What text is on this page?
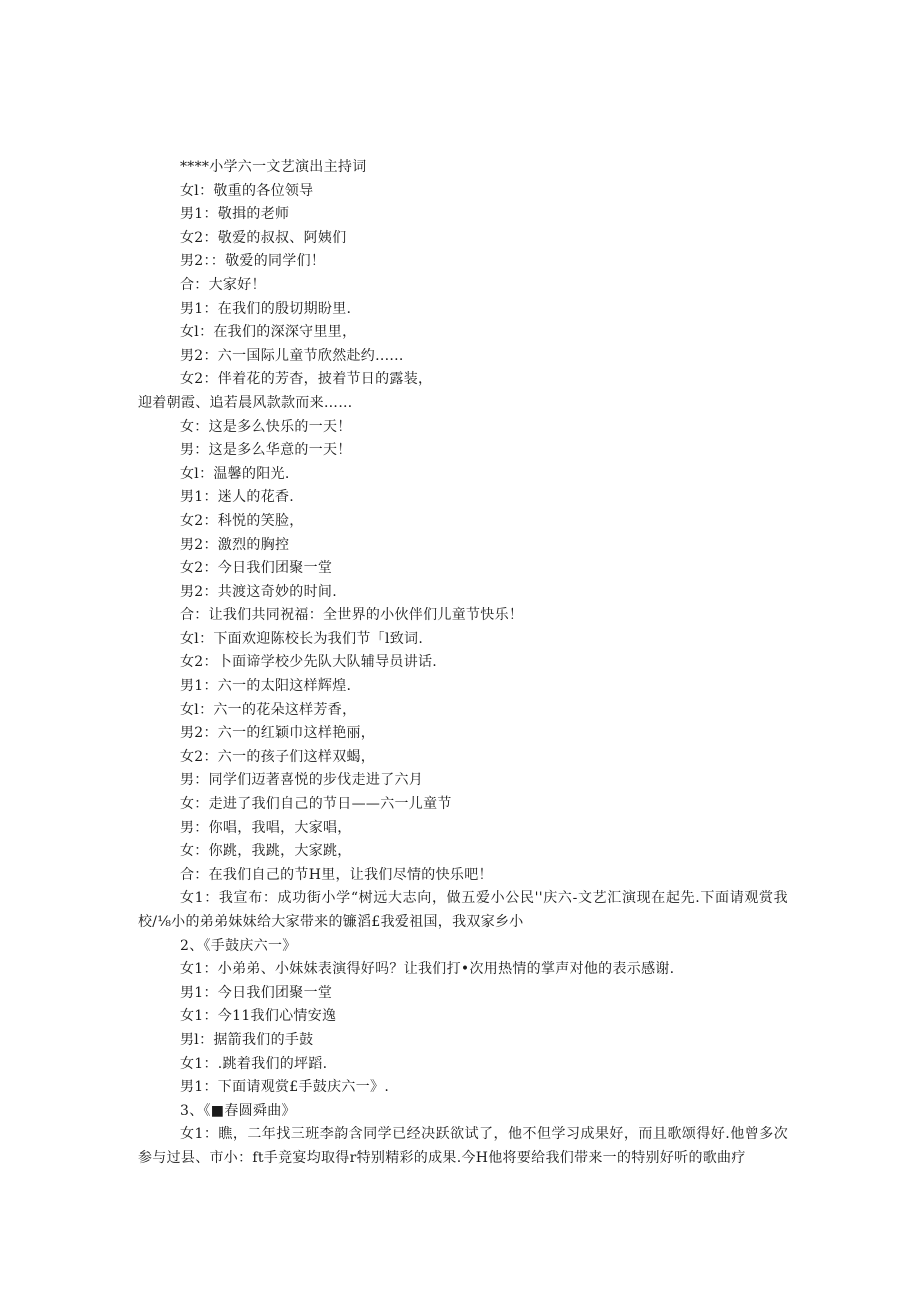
****小学六一文艺演出主持词
女l：敬重的各位领导
男1：敬揖的老师
女2：敬爱的叔叔、阿姨们
男2：：敬爱的同学们！
合：大家好！
男1：在我们的殷切期盼里.
女l：在我们的深深守里里，
男2：六一国际儿童节欣然赴约......
女2：伴着花的芳杳，披着节日的露装，
迎着朝霞、追若晨风款款而来……
女：这是多么快乐的一天！
男：这是多么华意的一天！
女l：温馨的阳光.
男1：迷人的花香.
女2：科悦的笑脸，
男2：激烈的胸控
女2：今日我们团聚一堂
男2：共渡这奇妙的时间.
合：让我们共同祝福：全世界的小伙伴们儿童节快乐！
女l：下面欢迎陈校长为我们节「l致词.
女2：卜面谛学校少先队大队辅导员讲话.
男1：六一的太阳这样辉煌.
女l：六一的花朵这样芳香，
男2：六一的红颖巾这样艳丽，
女2：六一的孩子们这样双蝎，
男：同学们迈著喜悦的步伐走进了六月
女：走进了我们自己的节日——六一儿童节
男：你唱，我唱，大家唱，
女：你跳，我跳，大家跳，
合：在我们自己的节H里，让我们尽情的快乐吧！
女1：我宣布：成功街小学“树远大志向，做五爱小公民''庆六-文艺汇演现在起先.下面请观赏我校/⅛小的弟弟妹妹给大家带来的镰滔£我爱祖国，我双家乡小
2、《手鼓庆六一》
女1：小弟弟、小妹妹表演得好吗？让我们打•次用热情的掌声对他的表示感谢.
男1：今日我们团聚一堂
女1：今11我们心情安逸
男l：据箭我们的手鼓
女1：.跳着我们的坪蹈.
男1：下面请观赏£手鼓庆六一》.
3、《■春圆舜曲》
女1：瞧，二年找三班李韵含同学已经决跃欲试了，他不但学习成果好，而且歌颂得好.他曾多次参与过县、市小：ft手竞宴均取得r特别精彩的成果.今H他将要给我们带来一的特别好听的歌曲疗
